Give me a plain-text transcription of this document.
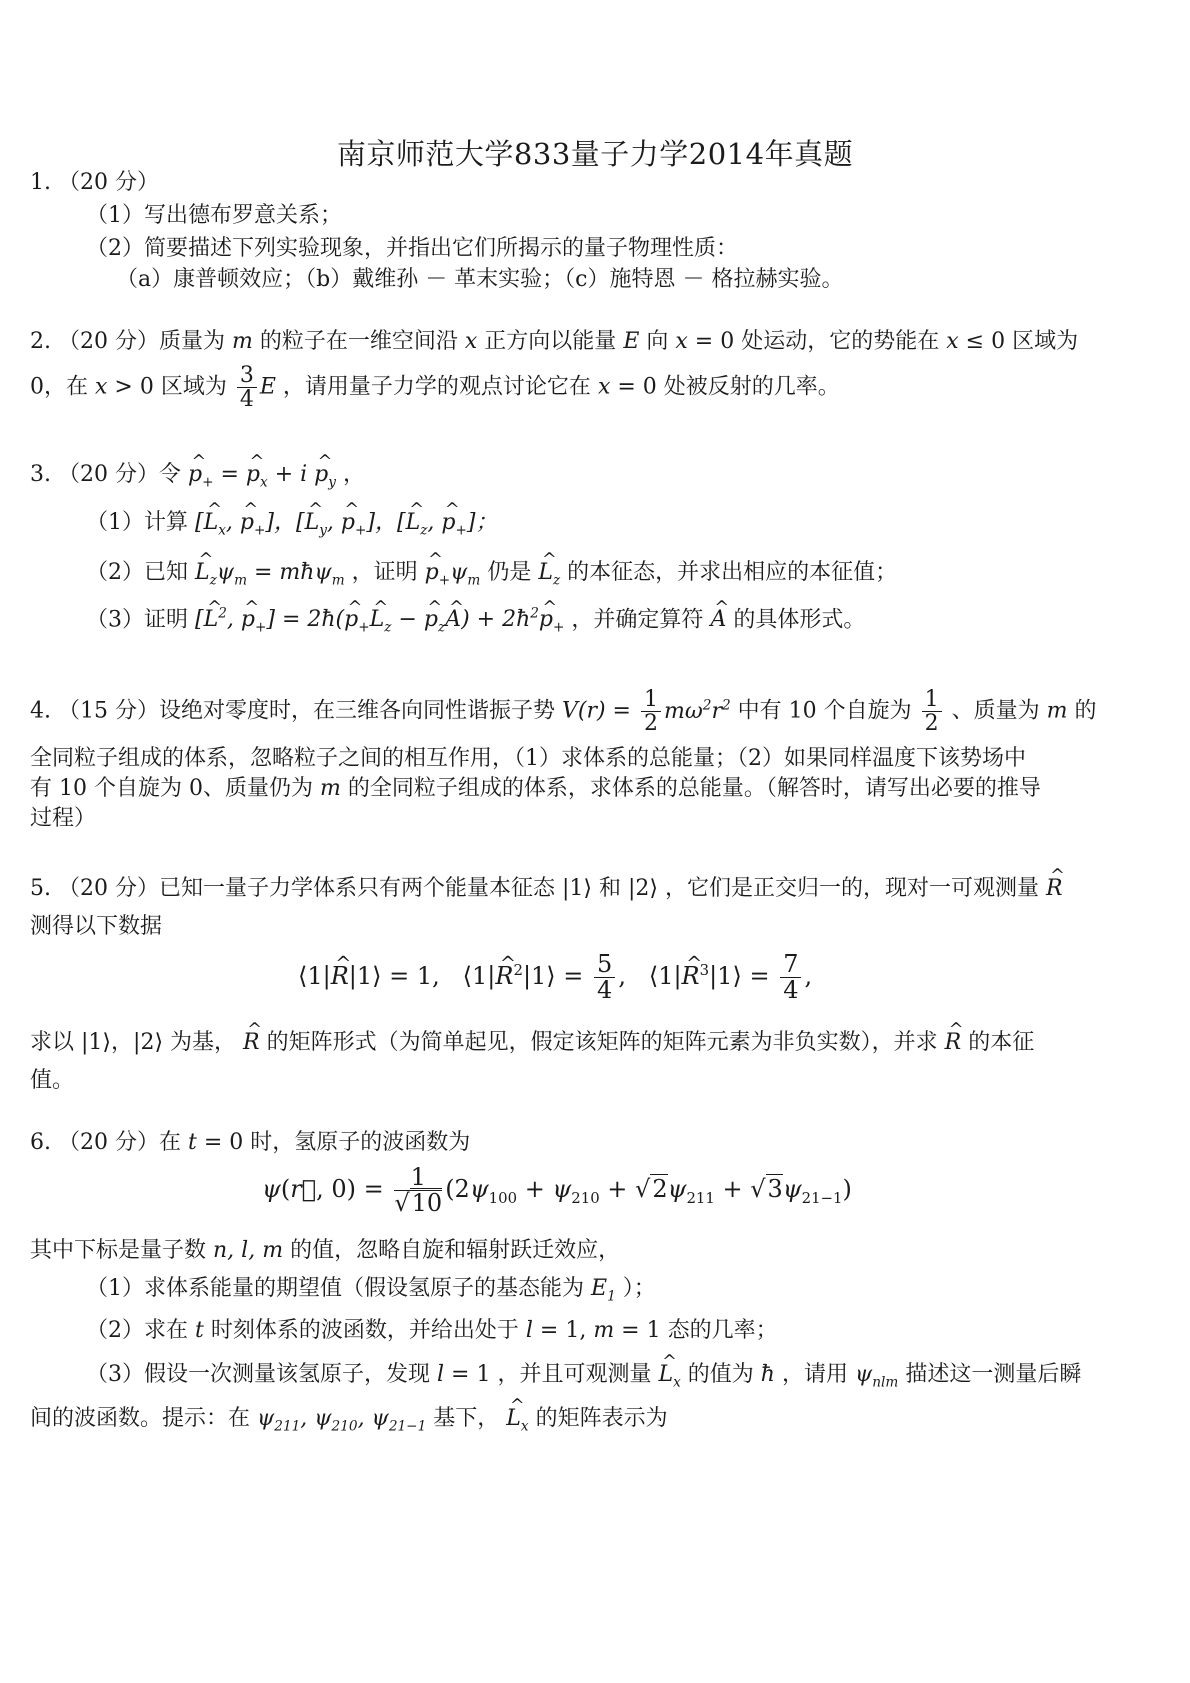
南京师范大学833量子力学2014年真题
1. （20 分）
（1）写出德布罗意关系；
（2）简要描述下列实验现象，并指出它们所揭示的量子物理性质：
（a）康普顿效应；（b）戴维孙 － 革末实验；（c）施特恩 － 格拉赫实验。
2. （20 分）质量为 m 的粒子在一维空间沿 x 正方向以能量 E 向 x = 0 处运动，它的势能在 x ≤ 0 区域为
0，在 x > 0 区域为 $\frac{3}{4}$ E ，请用量子力学的观点讨论它在 x = 0 处被反射的几率。
3. （20 分）令 ^ $p_+$ = ^ $p_x + i$ ^ $p_y$ ，
（1）计算 [^ $L_x$, ^ $p_+$]，[^ $L_y$, ^ $p_+$]，[^ $L_z$, ^ $p_+$]；
（2）已知 ^ $L_z\psi_m$ = mħψ$_m$ ，证明 ^ $p_+\psi_m$ 仍是 ^ $L_z$ 的本征态，并求出相应的本征值；
（3）证明 [^ $L^2$, ^ $p_+$] = 2ħ(^ $p_+\^{}$ $L_z$ − ^ $p_z\^{}$ $A) + 2ħ^2\^{}$ $p_+$ ，并确定算符 ^ A 的具体形式。
4. （15 分）设绝对零度时，在三维各向同性谐振子势 $V(r) = \frac{1}{2} m\omega^2r^2$ 中有 10 个自旋为 $\frac{1}{2}$ 、质量为 m 的
全同粒子组成的体系，忽略粒子之间的相互作用，（1）求体系的总能量；（2）如果同样温度下该势场中
有 10 个自旋为 0、质量仍为 m 的全同粒子组成的体系，求体系的总能量。（解答时，请写出必要的推导
过程）
5. （20 分）已知一量子力学体系只有两个能量本征态 |1⟩ 和 |2⟩ ，它们是正交归一的，现对一可观测量 ^ R
测得以下数据
⟨1|^ R|1⟩ = 1,   ⟨1|^ $R^2|1⟩ = \frac{5}{4}$ ,   ⟨1|^ $R^3|1⟩ = \frac{7}{4}$ ,
求以 |1⟩，|2⟩ 为基， ^ R 的矩阵形式（为简单起见，假定该矩阵的矩阵元素为非负实数），并求 ^ R 的本征
值。
6. （20 分）在 t = 0 时，氢原子的波函数为
ψ(r⃗, $0) = \frac{1}{√10} (2\psi_{100} + \psi_{210} + √2\psi_{211} + √3\psi_{21-1})$
其中下标是量子数 n, l, m 的值，忽略自旋和辐射跃迁效应，
（1）求体系能量的期望值（假设氢原子的基态能为 $E_1$ ）；
（2）求在 t 时刻体系的波函数，并给出处于 l = 1, m = 1 态的几率；
（3）假设一次测量该氢原子，发现 l = 1 ，并且可观测量 ^ $L_x$ 的值为 ħ ，请用 $\psi_{nlm}$ 描述这一测量后瞬
间的波函数。提示：在 $\psi_{211}$, $\psi_{210}$, $\psi_{21-1}$ 基下， ^ $L_x$ 的矩阵表示为
